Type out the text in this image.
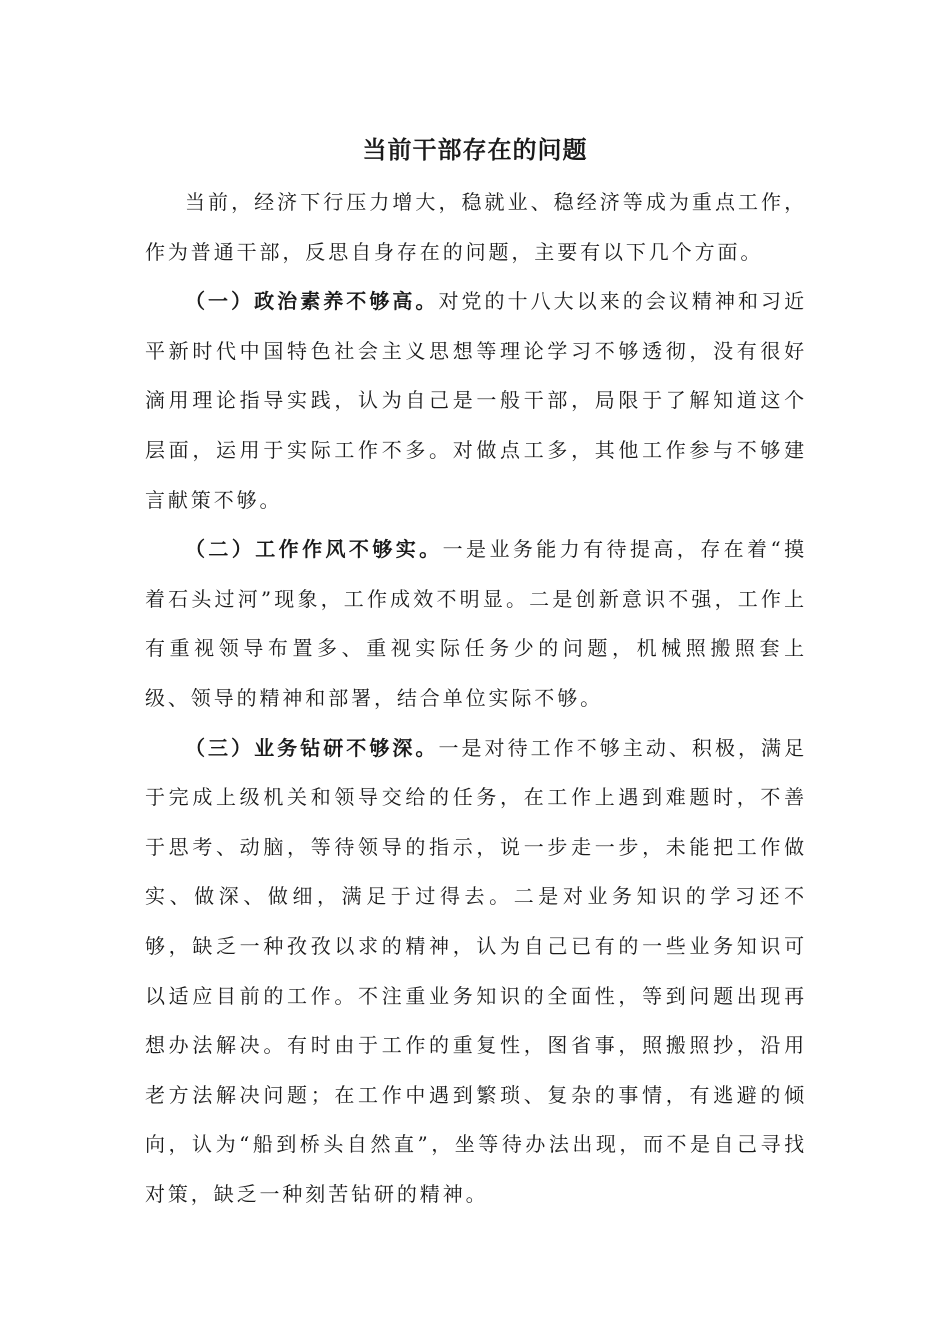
当前干部存在的问题

当前，经济下行压力增大，稳就业、稳经济等成为重点工作，作为普通干部，反思自身存在的问题，主要有以下几个方面。

（一）政治素养不够高。对党的十八大以来的会议精神和习近平新时代中国特色社会主义思想等理论学习不够透彻，没有很好滴用理论指导实践，认为自己是一般干部，局限于了解知道这个层面，运用于实际工作不多。对做点工多，其他工作参与不够建言献策不够。

（二）工作作风不够实。一是业务能力有待提高，存在着“摸着石头过河”现象，工作成效不明显。二是创新意识不强，工作上有重视领导布置多、重视实际任务少的问题，机械照搬照套上级、领导的精神和部署，结合单位实际不够。

（三）业务钻研不够深。一是对待工作不够主动、积极，满足于完成上级机关和领导交给的任务，在工作上遇到难题时，不善于思考、动脑，等待领导的指示，说一步走一步，未能把工作做实、做深、做细，满足于过得去。二是对业务知识的学习还不够，缺乏一种孜孜以求的精神，认为自己已有的一些业务知识可以适应目前的工作。不注重业务知识的全面性，等到问题出现再想办法解决。有时由于工作的重复性，图省事，照搬照抄，沿用老方法解决问题；在工作中遇到繁琐、复杂的事情，有逃避的倾向，认为“船到桥头自然直”，坐等待办法出现，而不是自己寻找对策，缺乏一种刻苦钻研的精神。
